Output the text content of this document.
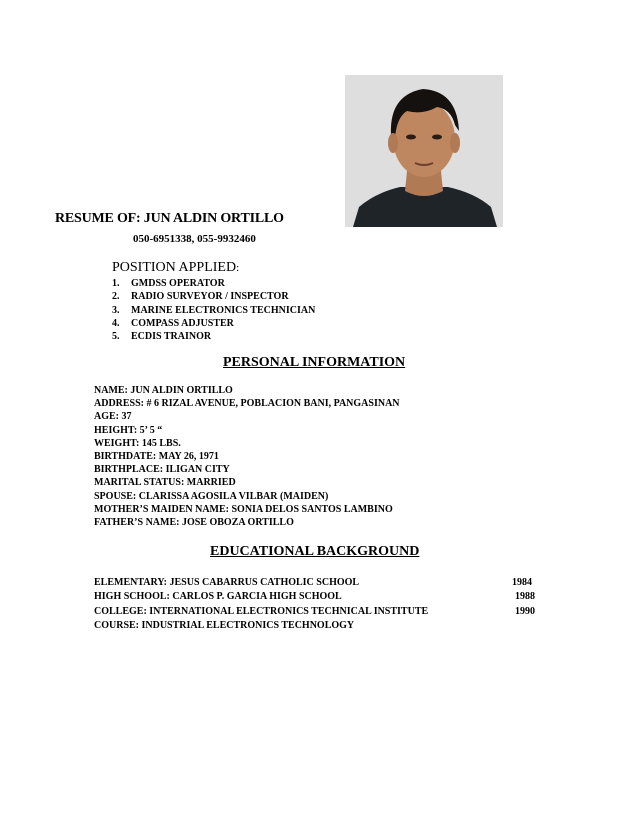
RESUME OF: JUN ALDIN ORTILLO
050-6951338, 055-9932460
POSITION APPLIED:
1. GMDSS OPERATOR
2. RADIO SURVEYOR / INSPECTOR
3. MARINE ELECTRONICS TECHNICIAN
4. COMPASS ADJUSTER
5. ECDIS TRAINOR
PERSONAL INFORMATION
NAME: JUN ALDIN ORTILLO
ADDRESS: # 6 RIZAL AVENUE, POBLACION BANI, PANGASINAN
AGE: 37
HEIGHT: 5’ 5 “
WEIGHT: 145 LBS.
BIRTHDATE: MAY 26, 1971
BIRTHPLACE: ILIGAN CITY
MARITAL STATUS: MARRIED
SPOUSE: CLARISSA AGOSILA VILBAR (MAIDEN)
MOTHER’S MAIDEN NAME: SONIA DELOS SANTOS LAMBINO
FATHER’S NAME: JOSE OBOZA ORTILLO
EDUCATIONAL BACKGROUND
ELEMENTARY: JESUS CABARRUS CATHOLIC SCHOOL	1984
HIGH SCHOOL: CARLOS P. GARCIA HIGH SCHOOL	1988
COLLEGE: INTERNATIONAL ELECTRONICS TECHNICAL INSTITUTE	1990
COURSE: INDUSTRIAL ELECTRONICS TECHNOLOGY
